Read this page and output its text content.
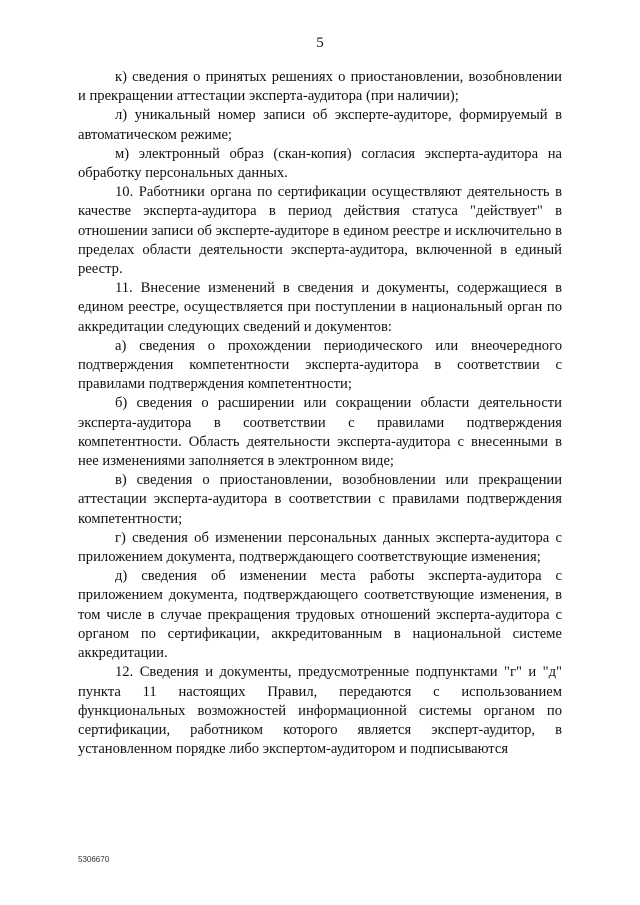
5

к) сведения о принятых решениях о приостановлении, возобновлении и прекращении аттестации эксперта-аудитора (при наличии);

л) уникальный номер записи об эксперте-аудиторе, формируемый в автоматическом режиме;

м) электронный образ (скан-копия) согласия эксперта-аудитора на обработку персональных данных.

10. Работники органа по сертификации осуществляют деятельность в качестве эксперта-аудитора в период действия статуса "действует" в отношении записи об эксперте-аудиторе в едином реестре и исключительно в пределах области деятельности эксперта-аудитора, включенной в единый реестр.

11. Внесение изменений в сведения и документы, содержащиеся в едином реестре, осуществляется при поступлении в национальный орган по аккредитации следующих сведений и документов:

а) сведения о прохождении периодического или внеочередного подтверждения компетентности эксперта-аудитора в соответствии с правилами подтверждения компетентности;

б) сведения о расширении или сокращении области деятельности эксперта-аудитора в соответствии с правилами подтверждения компетентности. Область деятельности эксперта-аудитора с внесенными в нее изменениями заполняется в электронном виде;

в) сведения о приостановлении, возобновлении или прекращении аттестации эксперта-аудитора в соответствии с правилами подтверждения компетентности;

г) сведения об изменении персональных данных эксперта-аудитора с приложением документа, подтверждающего соответствующие изменения;

д) сведения об изменении места работы эксперта-аудитора с приложением документа, подтверждающего соответствующие изменения, в том числе в случае прекращения трудовых отношений эксперта-аудитора с органом по сертификации, аккредитованным в национальной системе аккредитации.

12. Сведения и документы, предусмотренные подпунктами "г" и "д" пункта 11 настоящих Правил, передаются с использованием функциональных возможностей информационной системы органом по сертификации, работником которого является эксперт-аудитор, в установленном порядке либо экспертом-аудитором и подписываются

5306670
